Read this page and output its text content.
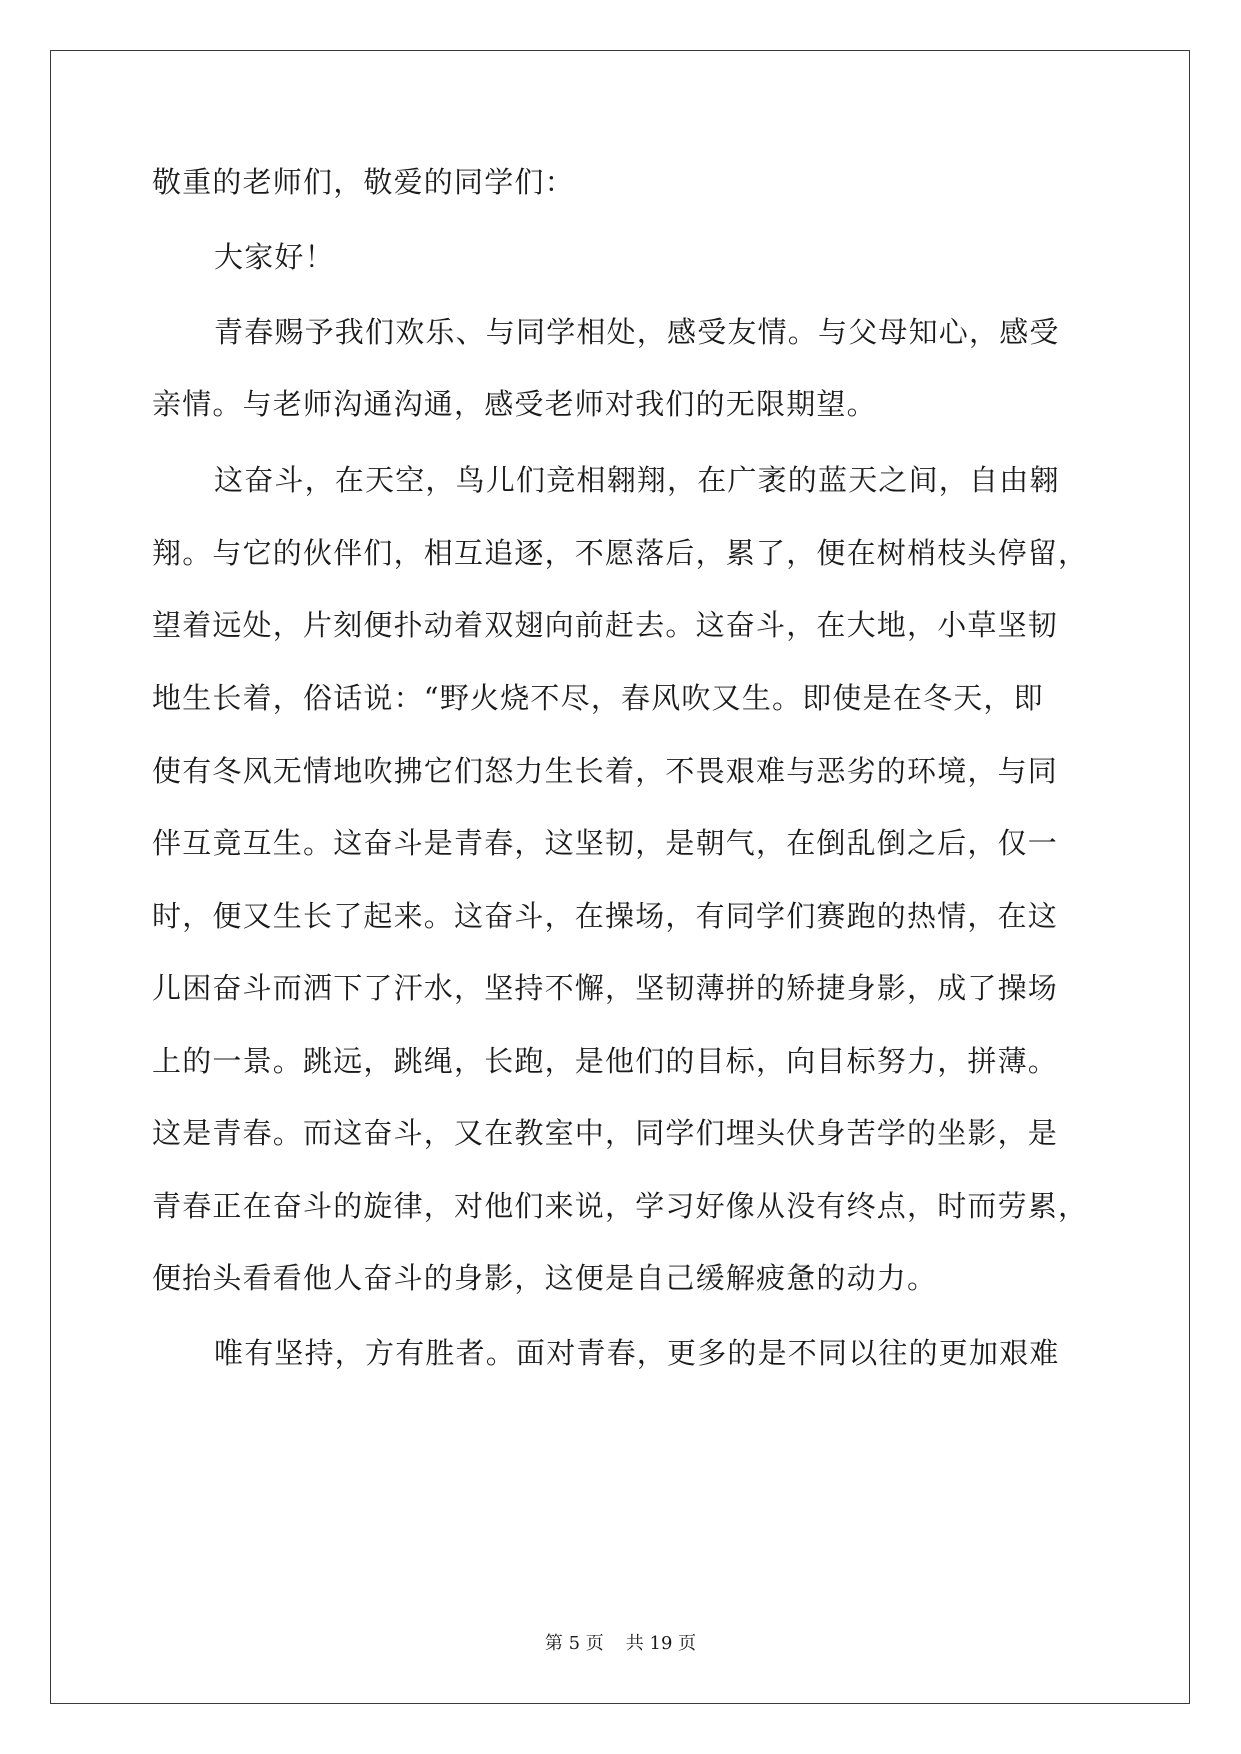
敬重的老师们，敬爱的同学们：
大家好！
青春赐予我们欢乐、与同学相处，感受友情。与父母知心，感受
亲情。与老师沟通沟通，感受老师对我们的无限期望。
这奋斗，在天空，鸟儿们竞相翱翔，在广袤的蓝天之间，自由翱
翔。与它的伙伴们，相互追逐，不愿落后，累了，便在树梢枝头停留，
望着远处，片刻便扑动着双翅向前赶去。这奋斗，在大地，小草坚韧
地生长着，俗话说：“野火烧不尽，春风吹又生。即使是在冬天，即
使有冬风无情地吹拂它们怒力生长着，不畏艰难与恶劣的环境，与同
伴互竟互生。这奋斗是青春，这坚韧，是朝气，在倒乱倒之后，仅一
时，便又生长了起来。这奋斗，在操场，有同学们赛跑的热情，在这
儿困奋斗而洒下了汗水，坚持不懈，坚韧薄拼的矫捷身影，成了操场
上的一景。跳远，跳绳，长跑，是他们的目标，向目标努力，拼薄。
这是青春。而这奋斗，又在教室中，同学们埋头伏身苦学的坐影，是
青春正在奋斗的旋律，对他们来说，学习好像从没有终点，时而劳累，
便抬头看看他人奋斗的身影，这便是自己缓解疲惫的动力。
唯有坚持，方有胜者。面对青春，更多的是不同以往的更加艰难
第 5 页 共 19 页
